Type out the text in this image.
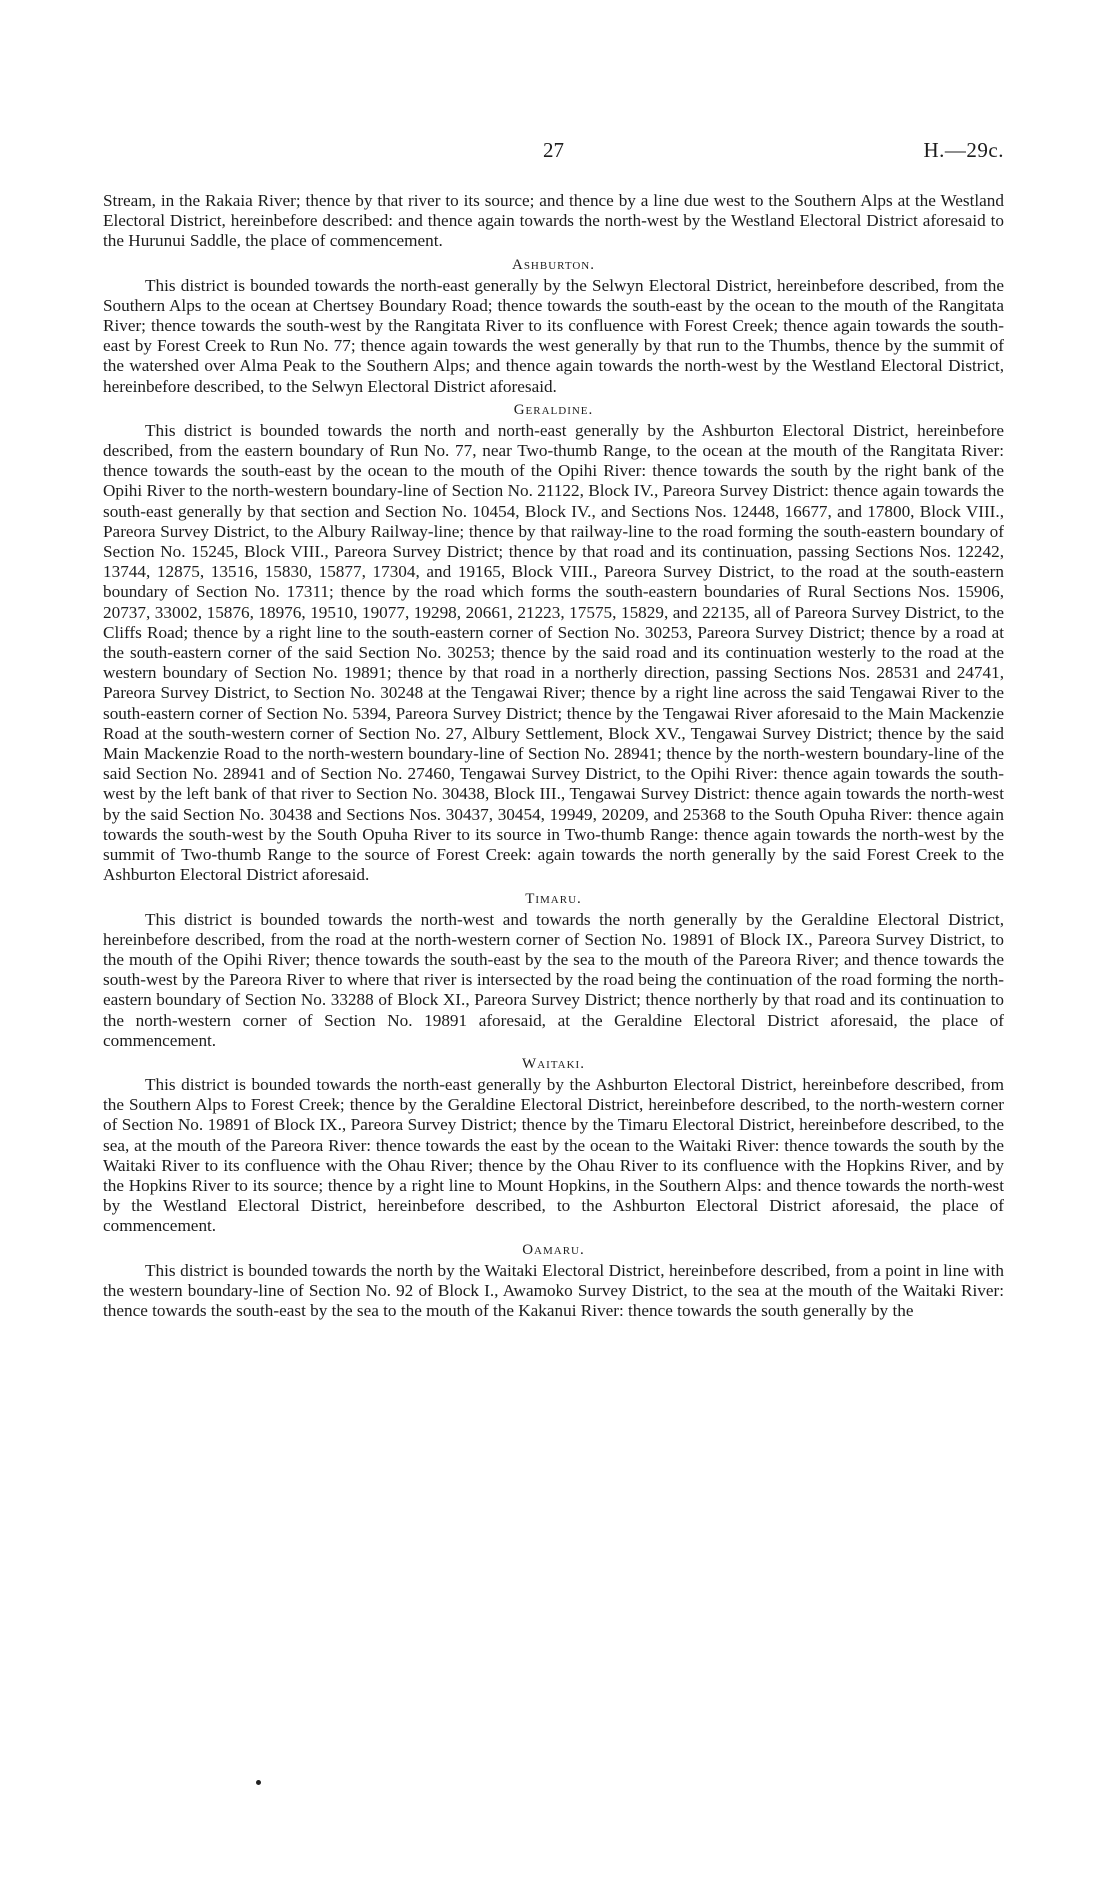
27	H.—29c.

Stream, in the Rakaia River; thence by that river to its source; and thence by a line due west to the Southern Alps at the Westland Electoral District, hereinbefore described: and thence again towards the north-west by the Westland Electoral District aforesaid to the Hurunui Saddle, the place of commencement.

Ashburton.

This district is bounded towards the north-east generally by the Selwyn Electoral District, hereinbefore described, from the Southern Alps to the ocean at Chertsey Boundary Road; thence towards the south-east by the ocean to the mouth of the Rangitata River; thence towards the south-west by the Rangitata River to its confluence with Forest Creek; thence again towards the south-east by Forest Creek to Run No. 77; thence again towards the west generally by that run to the Thumbs, thence by the summit of the watershed over Alma Peak to the Southern Alps; and thence again towards the north-west by the Westland Electoral District, hereinbefore described, to the Selwyn Electoral District aforesaid.

Geraldine.

This district is bounded towards the north and north-east generally by the Ashburton Electoral District, hereinbefore described, from the eastern boundary of Run No. 77, near Two-thumb Range, to the ocean at the mouth of the Rangitata River: thence towards the south-east by the ocean to the mouth of the Opihi River: thence towards the south by the right bank of the Opihi River to the north-western boundary-line of Section No. 21122, Block IV., Pareora Survey District: thence again towards the south-east generally by that section and Section No. 10454, Block IV., and Sections Nos. 12448, 16677, and 17800, Block VIII., Pareora Survey District, to the Albury Railway-line; thence by that railway-line to the road forming the south-eastern boundary of Section No. 15245, Block VIII., Pareora Survey District; thence by that road and its continuation, passing Sections Nos. 12242, 13744, 12875, 13516, 15830, 15877, 17304, and 19165, Block VIII., Pareora Survey District, to the road at the south-eastern boundary of Section No. 17311; thence by the road which forms the south-eastern boundaries of Rural Sections Nos. 15906, 20737, 33002, 15876, 18976, 19510, 19077, 19298, 20661, 21223, 17575, 15829, and 22135, all of Pareora Survey District, to the Cliffs Road; thence by a right line to the south-eastern corner of Section No. 30253, Pareora Survey District; thence by a road at the south-eastern corner of the said Section No. 30253; thence by the said road and its continuation westerly to the road at the western boundary of Section No. 19891; thence by that road in a northerly direction, passing Sections Nos. 28531 and 24741, Pareora Survey District, to Section No. 30248 at the Tengawai River; thence by a right line across the said Tengawai River to the south-eastern corner of Section No. 5394, Pareora Survey District; thence by the Tengawai River aforesaid to the Main Mackenzie Road at the south-western corner of Section No. 27, Albury Settlement, Block XV., Tengawai Survey District; thence by the said Main Mackenzie Road to the north-western boundary-line of Section No. 28941; thence by the north-western boundary-line of the said Section No. 28941 and of Section No. 27460, Tengawai Survey District, to the Opihi River: thence again towards the south-west by the left bank of that river to Section No. 30438, Block III., Tengawai Survey District: thence again towards the north-west by the said Section No. 30438 and Sections Nos. 30437, 30454, 19949, 20209, and 25368 to the South Opuha River: thence again towards the south-west by the South Opuha River to its source in Two-thumb Range: thence again towards the north-west by the summit of Two-thumb Range to the source of Forest Creek: again towards the north generally by the said Forest Creek to the Ashburton Electoral District aforesaid.

Timaru.

This district is bounded towards the north-west and towards the north generally by the Geraldine Electoral District, hereinbefore described, from the road at the north-western corner of Section No. 19891 of Block IX., Pareora Survey District, to the mouth of the Opihi River; thence towards the south-east by the sea to the mouth of the Pareora River; and thence towards the south-west by the Pareora River to where that river is intersected by the road being the continuation of the road forming the north-eastern boundary of Section No. 33288 of Block XI., Pareora Survey District; thence northerly by that road and its continuation to the north-western corner of Section No. 19891 aforesaid, at the Geraldine Electoral District aforesaid, the place of commencement.

Waitaki.

This district is bounded towards the north-east generally by the Ashburton Electoral District, hereinbefore described, from the Southern Alps to Forest Creek; thence by the Geraldine Electoral District, hereinbefore described, to the north-western corner of Section No. 19891 of Block IX., Pareora Survey District; thence by the Timaru Electoral District, hereinbefore described, to the sea, at the mouth of the Pareora River: thence towards the east by the ocean to the Waitaki River: thence towards the south by the Waitaki River to its confluence with the Ohau River; thence by the Ohau River to its confluence with the Hopkins River, and by the Hopkins River to its source; thence by a right line to Mount Hopkins, in the Southern Alps: and thence towards the north-west by the Westland Electoral District, hereinbefore described, to the Ashburton Electoral District aforesaid, the place of commencement.

Oamaru.

This district is bounded towards the north by the Waitaki Electoral District, hereinbefore described, from a point in line with the western boundary-line of Section No. 92 of Block I., Awamoko Survey District, to the sea at the mouth of the Waitaki River: thence towards the south-east by the sea to the mouth of the Kakanui River: thence towards the south generally by the
